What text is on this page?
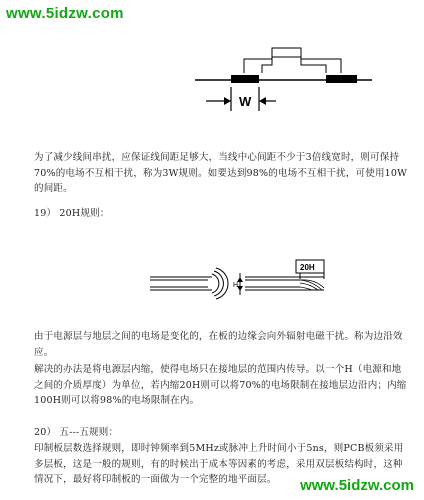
www.5idzw.com
W

为了减少线间串扰，应保证线间距足够大，当线中心间距不少于3倍线宽时，则可保持70%的电场不互相干扰，称为3W规则。如要达到98%的电场不互相干扰，可使用10W的间距。

19） 20H规则：

H
20H

由于电源层与地层之间的电场是变化的，在板的边缘会向外辐射电磁干扰。称为边沿效应。

解决的办法是将电源层内缩，使得电场只在接地层的范围内传导。以一个H（电源和地之间的介质厚度）为单位，若内缩20H则可以将70%的电场限制在接地层边沿内；内缩100H则可以将98%的电场限制在内。

20） 五---五规则：

印制板层数选择规则，即时钟频率到5MHz或脉冲上升时间小于5ns，则PCB板须采用多层板，这是一般的规则，有的时候出于成本等因素的考虑，采用双层板结构时，这种情况下，最好将印制板的一面做为一个完整的地平面层。	www.5idzw.com
